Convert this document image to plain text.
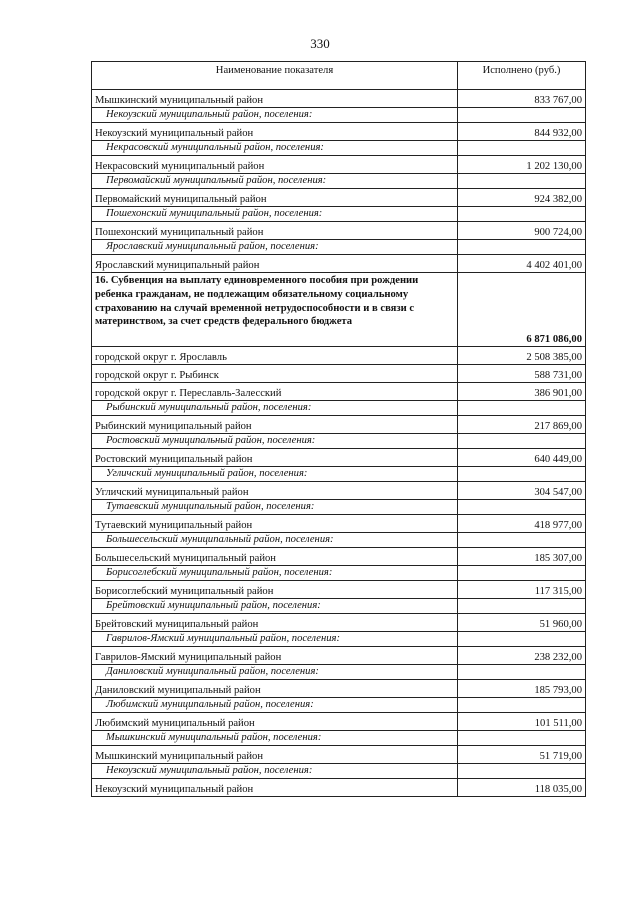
330
Наименование показателя	Исполнено (руб.)
Мышкинский муниципальный район	833 767,00
Некоузский муниципальный район, поселения:	
Некоузский муниципальный район	844 932,00
Некрасовский муниципальный район, поселения:	
Некрасовский муниципальный район	1 202 130,00
Первомайский муниципальный район, поселения:	
Первомайский муниципальный район	924 382,00
Пошехонский муниципальный район, поселения:	
Пошехонский муниципальный район	900 724,00
Ярославский муниципальный район, поселения:	
Ярославский муниципальный район	4 402 401,00
16. Субвенция на выплату единовременного пособия при рождении ребенка гражданам, не подлежащим обязательному социальному страхованию на случай временной нетрудоспособности и в связи с материнством, за счет средств федерального бюджета	6 871 086,00
городской округ г. Ярославль	2 508 385,00
городской округ г. Рыбинск	588 731,00
городской округ г. Переславль-Залесский	386 901,00
Рыбинский муниципальный район, поселения:	
Рыбинский муниципальный район	217 869,00
Ростовский муниципальный район, поселения:	
Ростовский муниципальный район	640 449,00
Угличский муниципальный район, поселения:	
Угличский муниципальный район	304 547,00
Тутаевский муниципальный район, поселения:	
Тутаевский муниципальный район	418 977,00
Большесельский муниципальный район, поселения:	
Большесельский муниципальный район	185 307,00
Борисоглебский муниципальный район, поселения:	
Борисоглебский муниципальный район	117 315,00
Брейтовский муниципальный район, поселения:	
Брейтовский муниципальный район	51 960,00
Гаврилов-Ямский муниципальный район, поселения:	
Гаврилов-Ямский муниципальный район	238 232,00
Даниловский муниципальный район, поселения:	
Даниловский муниципальный район	185 793,00
Любимский муниципальный район, поселения:	
Любимский муниципальный район	101 511,00
Мышкинский муниципальный район, поселения:	
Мышкинский муниципальный район	51 719,00
Некоузский муниципальный район, поселения:	
Некоузский муниципальный район	118 035,00
